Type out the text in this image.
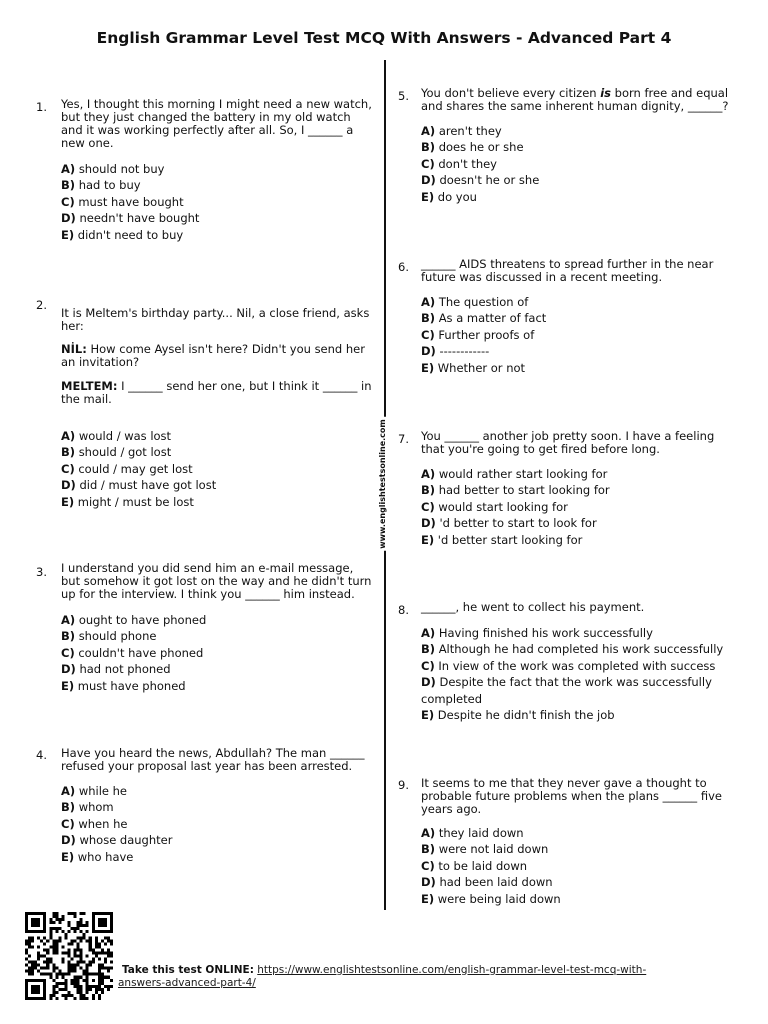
English Grammar Level Test MCQ With Answers - Advanced Part 4
www.englishtestsonline.com
1. Yes, I thought this morning I might need a new watch,
but they just changed the battery in my old watch
and it was working perfectly after all. So, I ______ a
new one.
A) should not buy
B) had to buy
C) must have bought
D) needn't have bought
E) didn't need to buy
2.
It is Meltem's birthday party... Nil, a close friend, asks
her:
NİL: How come Aysel isn't here? Didn't you send her
an invitation?
MELTEM: I ______ send her one, but I think it ______ in
the mail.
A) would / was lost
B) should / got lost
C) could / may get lost
D) did / must have got lost
E) might / must be lost
3. I understand you did send him an e-mail message,
but somehow it got lost on the way and he didn't turn
up for the interview. I think you ______ him instead.
A) ought to have phoned
B) should phone
C) couldn't have phoned
D) had not phoned
E) must have phoned
4. Have you heard the news, Abdullah? The man ______
refused your proposal last year has been arrested.
A) while he
B) whom
C) when he
D) whose daughter
E) who have
5. You don't believe every citizen is born free and equal
and shares the same inherent human dignity, ______?
A) aren't they
B) does he or she
C) don't they
D) doesn't he or she
E) do you
6. ______ AIDS threatens to spread further in the near
future was discussed in a recent meeting.
A) The question of
B) As a matter of fact
C) Further proofs of
D) ------------
E) Whether or not
7. You ______ another job pretty soon. I have a feeling
that you're going to get fired before long.
A) would rather start looking for
B) had better to start looking for
C) would start looking for
D) 'd better to start to look for
E) 'd better start looking for
8. ______, he went to collect his payment.
A) Having finished his work successfully
B) Although he had completed his work successfully
C) In view of the work was completed with success
D) Despite the fact that the work was successfully completed
E) Despite he didn't finish the job
9. It seems to me that they never gave a thought to
probable future problems when the plans ______ five
years ago.
A) they laid down
B) were not laid down
C) to be laid down
D) had been laid down
E) were being laid down
Take this test ONLINE: https://www.englishtestsonline.com/english-grammar-level-test-mcq-with-
answers-advanced-part-4/
